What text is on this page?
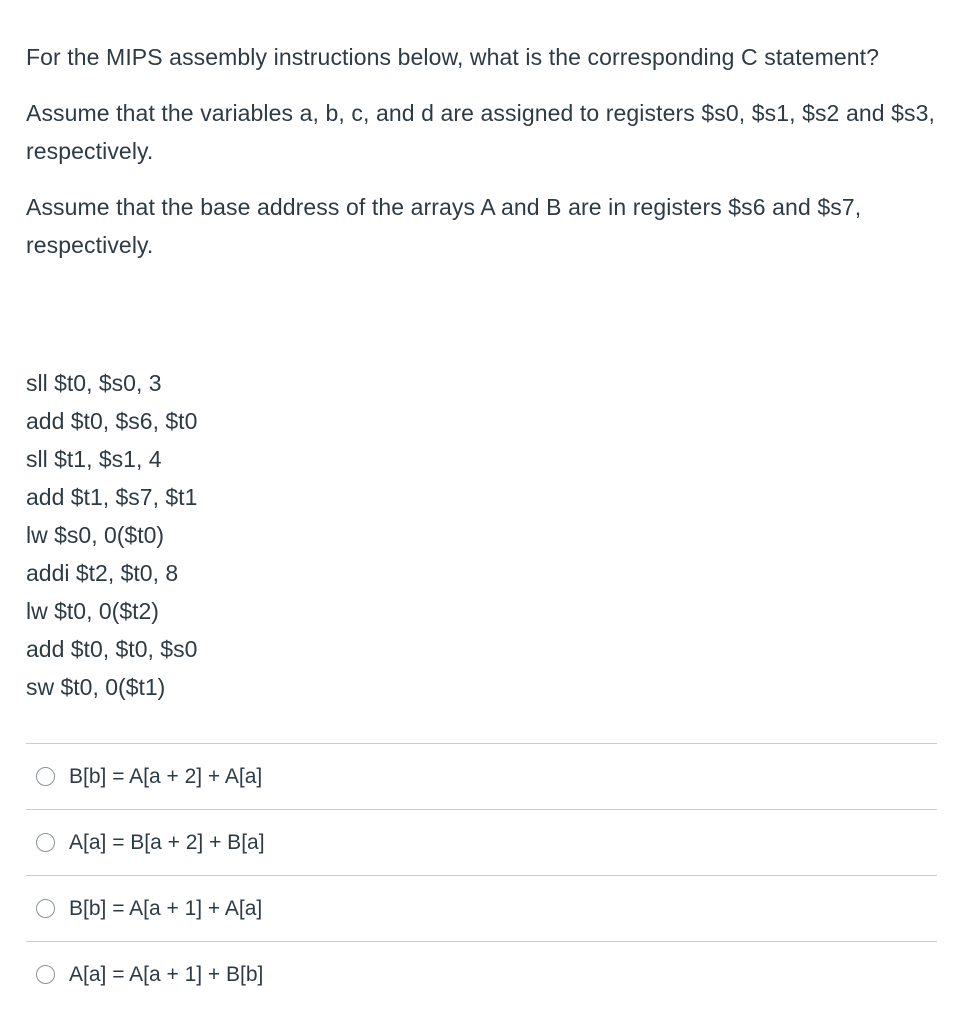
For the MIPS assembly instructions below, what is the corresponding C statement?

Assume that the variables a, b, c, and d are assigned to registers $s0, $s1, $s2 and $s3, respectively.

Assume that the base address of the arrays A and B are in registers $s6 and $s7, respectively.

sll $t0, $s0, 3
add $t0, $s6, $t0
sll $t1, $s1, 4
add $t1, $s7, $t1
lw $s0, 0($t0)
addi $t2, $t0, 8
lw $t0, 0($t2)
add $t0, $t0, $s0
sw $t0, 0($t1)
B[b] = A[a + 2] + A[a]
A[a] = B[a + 2] + B[a]
B[b] = A[a + 1] + A[a]
A[a] = A[a + 1] + B[b]
